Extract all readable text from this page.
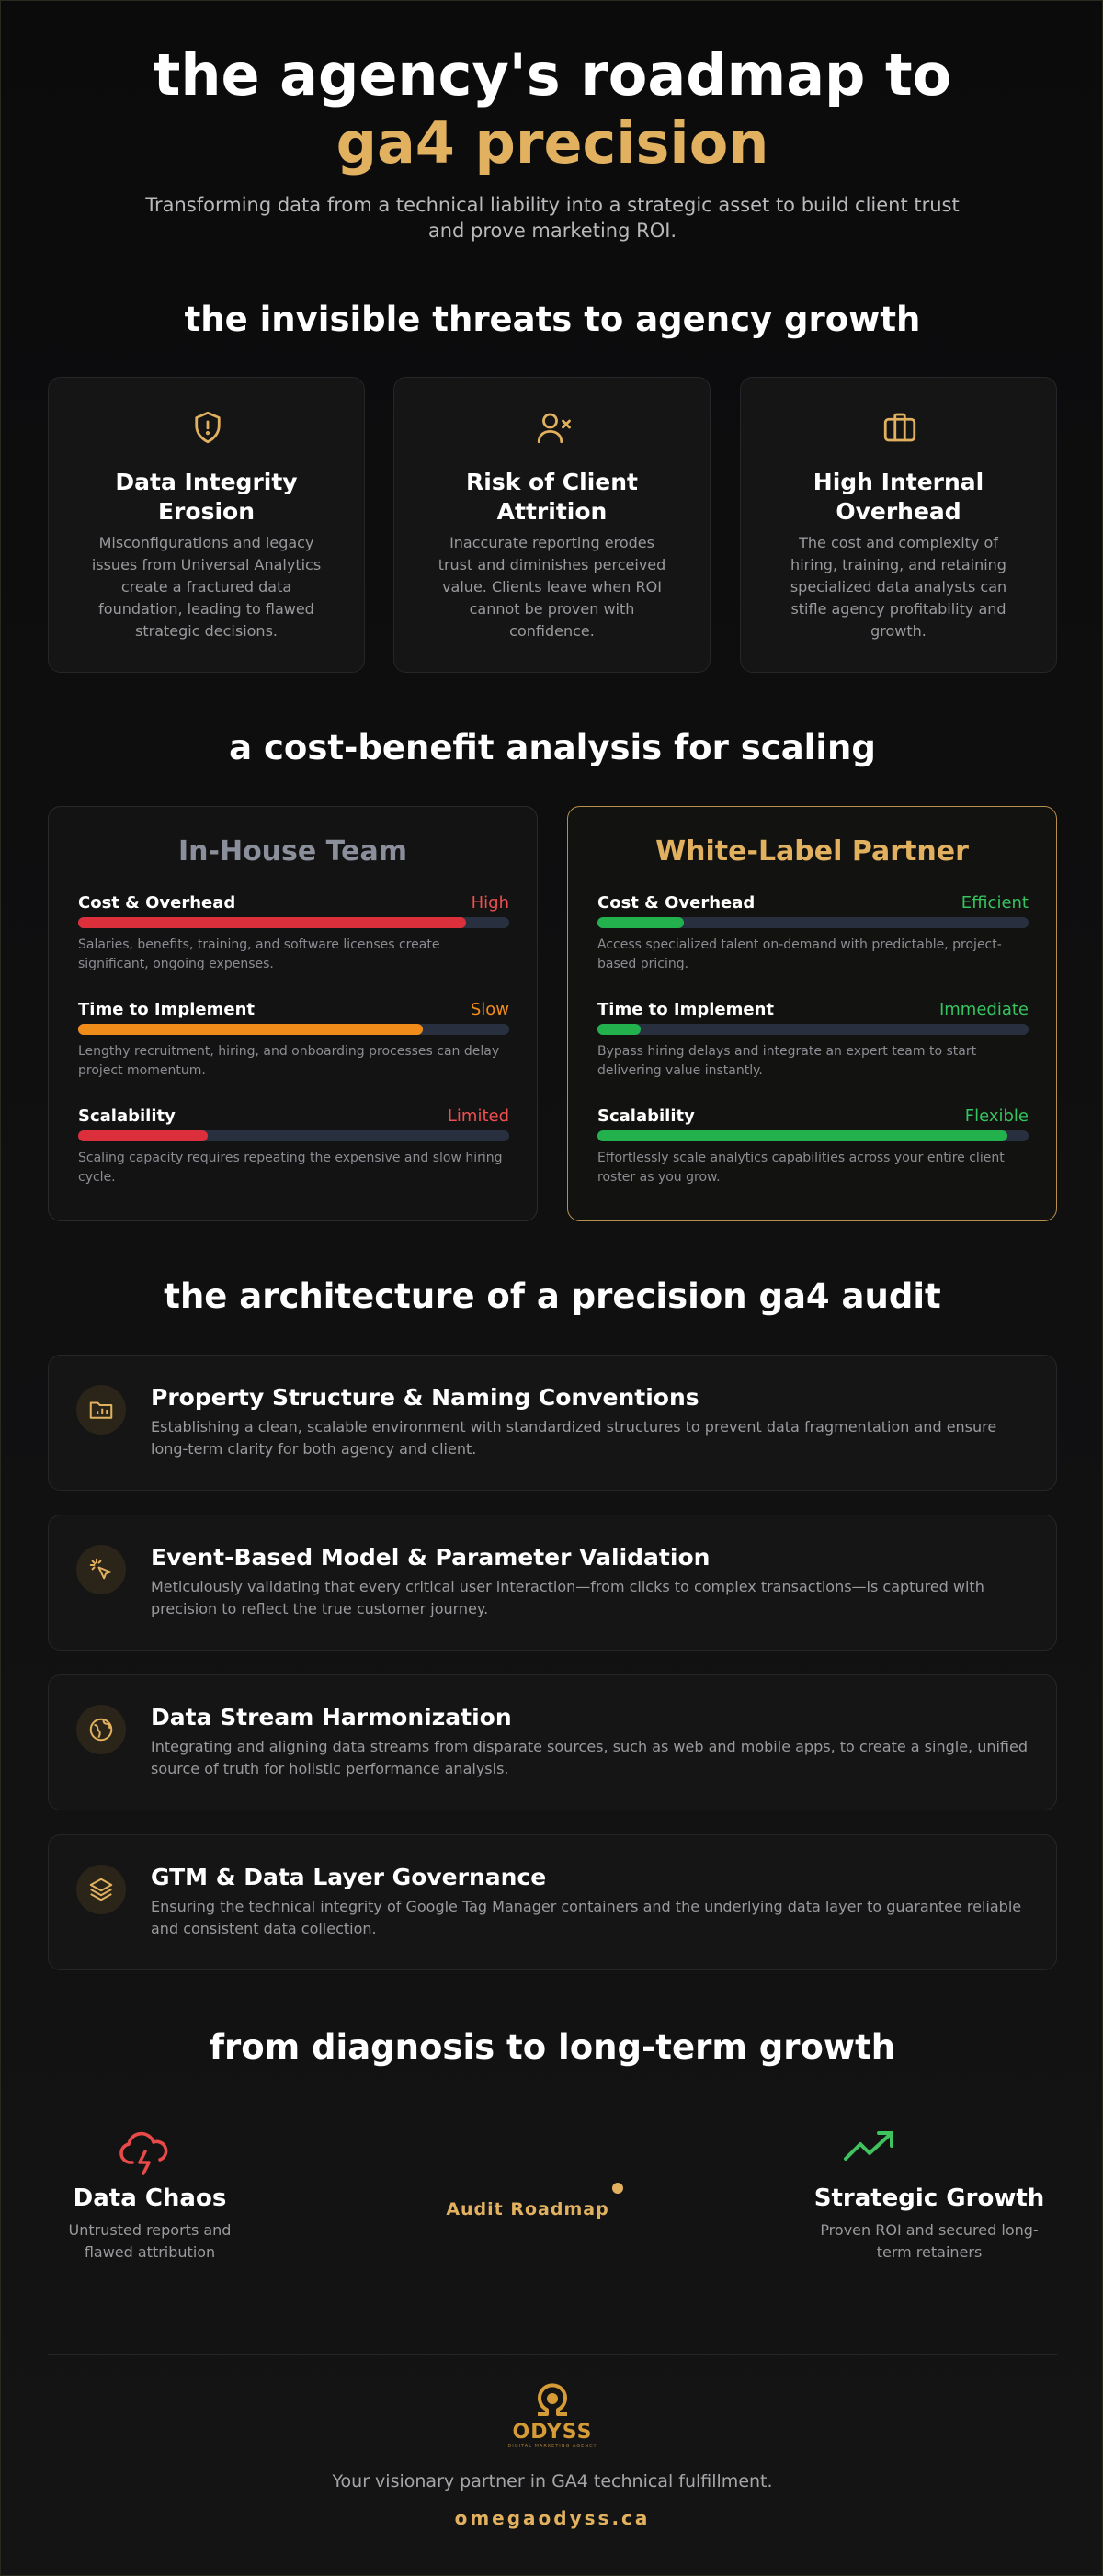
the agency's roadmap to
ga4 precision
Transforming data from a technical liability into a strategic asset to build client trust and prove marketing ROI.
the invisible threats to agency growth
Data Integrity Erosion
Misconfigurations and legacy issues from Universal Analytics create a fractured data foundation, leading to flawed strategic decisions.
Risk of Client Attrition
Inaccurate reporting erodes trust and diminishes perceived value. Clients leave when ROI cannot be proven with confidence.
High Internal Overhead
The cost and complexity of hiring, training, and retaining specialized data analysts can stifle agency profitability and growth.
a cost-benefit analysis for scaling
In-House Team
Cost & Overhead	High
Salaries, benefits, training, and software licenses create significant, ongoing expenses.
Time to Implement	Slow
Lengthy recruitment, hiring, and onboarding processes can delay project momentum.
Scalability	Limited
Scaling capacity requires repeating the expensive and slow hiring cycle.
White-Label Partner
Cost & Overhead	Efficient
Access specialized talent on-demand with predictable, project-based pricing.
Time to Implement	Immediate
Bypass hiring delays and integrate an expert team to start delivering value instantly.
Scalability	Flexible
Effortlessly scale analytics capabilities across your entire client roster as you grow.
the architecture of a precision ga4 audit
Property Structure & Naming Conventions
Establishing a clean, scalable environment with standardized structures to prevent data fragmentation and ensure long-term clarity for both agency and client.
Event-Based Model & Parameter Validation
Meticulously validating that every critical user interaction—from clicks to complex transactions—is captured with precision to reflect the true customer journey.
Data Stream Harmonization
Integrating and aligning data streams from disparate sources, such as web and mobile apps, to create a single, unified source of truth for holistic performance analysis.
GTM & Data Layer Governance
Ensuring the technical integrity of Google Tag Manager containers and the underlying data layer to guarantee reliable and consistent data collection.
from diagnosis to long-term growth
Data Chaos
Untrusted reports and flawed attribution
Audit Roadmap	Strategic Growth
Proven ROI and secured long-term retainers
ODYSS
DIGITAL MARKETING AGENCY
Your visionary partner in GA4 technical fulfillment.
omegaodyss.ca
